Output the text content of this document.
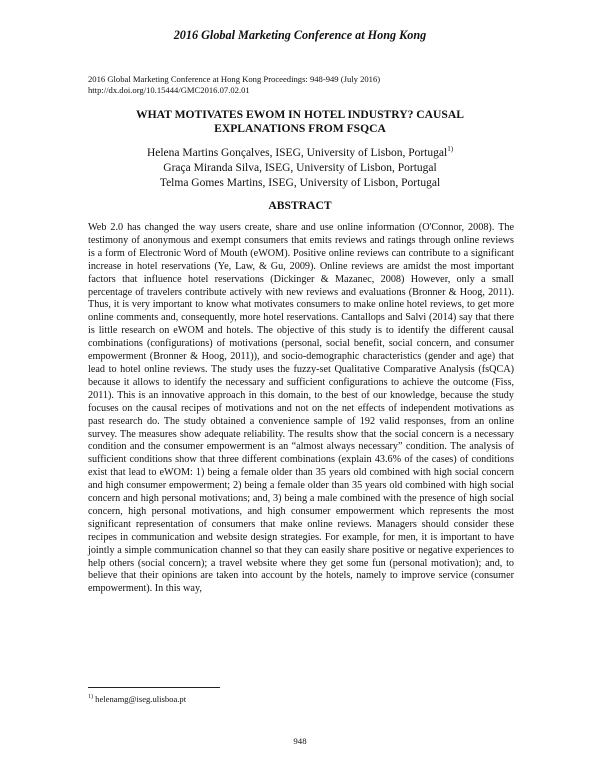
2016 Global Marketing Conference at Hong Kong
2016 Global Marketing Conference at Hong Kong Proceedings: 948-949 (July 2016)
http://dx.doi.org/10.15444/GMC2016.07.02.01
WHAT MOTIVATES EWOM IN HOTEL INDUSTRY? CAUSAL
EXPLANATIONS FROM FSQCA
Helena Martins Gonçalves, ISEG, University of Lisbon, Portugal$^{1)}$
Graça Miranda Silva, ISEG, University of Lisbon, Portugal
Telma Gomes Martins, ISEG, University of Lisbon, Portugal
ABSTRACT
Web 2.0 has changed the way users create, share and use online information (O'Connor, 2008). The testimony of anonymous and exempt consumers that emits reviews and ratings through online reviews is a form of Electronic Word of Mouth (eWOM). Positive online reviews can contribute to a significant increase in hotel reservations (Ye, Law, & Gu, 2009). Online reviews are amidst the most important factors that influence hotel reservations (Dickinger & Mazanec, 2008) However, only a small percentage of travelers contribute actively with new reviews and evaluations (Bronner & Hoog, 2011). Thus, it is very important to know what motivates consumers to make online hotel reviews, to get more online comments and, consequently, more hotel reservations. Cantallops and Salvi (2014) say that there is little research on eWOM and hotels. The objective of this study is to identify the different causal combinations (configurations) of motivations (personal, social benefit, social concern, and consumer empowerment (Bronner & Hoog, 2011)), and socio-demographic characteristics (gender and age) that lead to hotel online reviews. The study uses the fuzzy-set Qualitative Comparative Analysis (fsQCA) because it allows to identify the necessary and sufficient configurations to achieve the outcome (Fiss, 2011). This is an innovative approach in this domain, to the best of our knowledge, because the study focuses on the causal recipes of motivations and not on the net effects of independent motivations as past research do. The study obtained a convenience sample of 192 valid responses, from an online survey. The measures show adequate reliability. The results show that the social concern is a necessary condition and the consumer empowerment is an “almost always necessary” condition. The analysis of sufficient conditions show that three different combinations (explain 43.6% of the cases) of conditions exist that lead to eWOM: 1) being a female older than 35 years old combined with high social concern and high consumer empowerment; 2) being a female older than 35 years old combined with high social concern and high personal motivations; and, 3) being a male combined with the presence of high social concern, high personal motivations, and high consumer empowerment which represents the most significant representation of consumers that make online reviews. Managers should consider these recipes in communication and website design strategies. For example, for men, it is important to have jointly a simple communication channel so that they can easily share positive or negative experiences to help others (social concern); a travel website where they get some fun (personal motivation); and, to believe that their opinions are taken into account by the hotels, namely to improve service (consumer empowerment). In this way,
$^{1)}$ helenamg@iseg.ulisboa.pt
948
